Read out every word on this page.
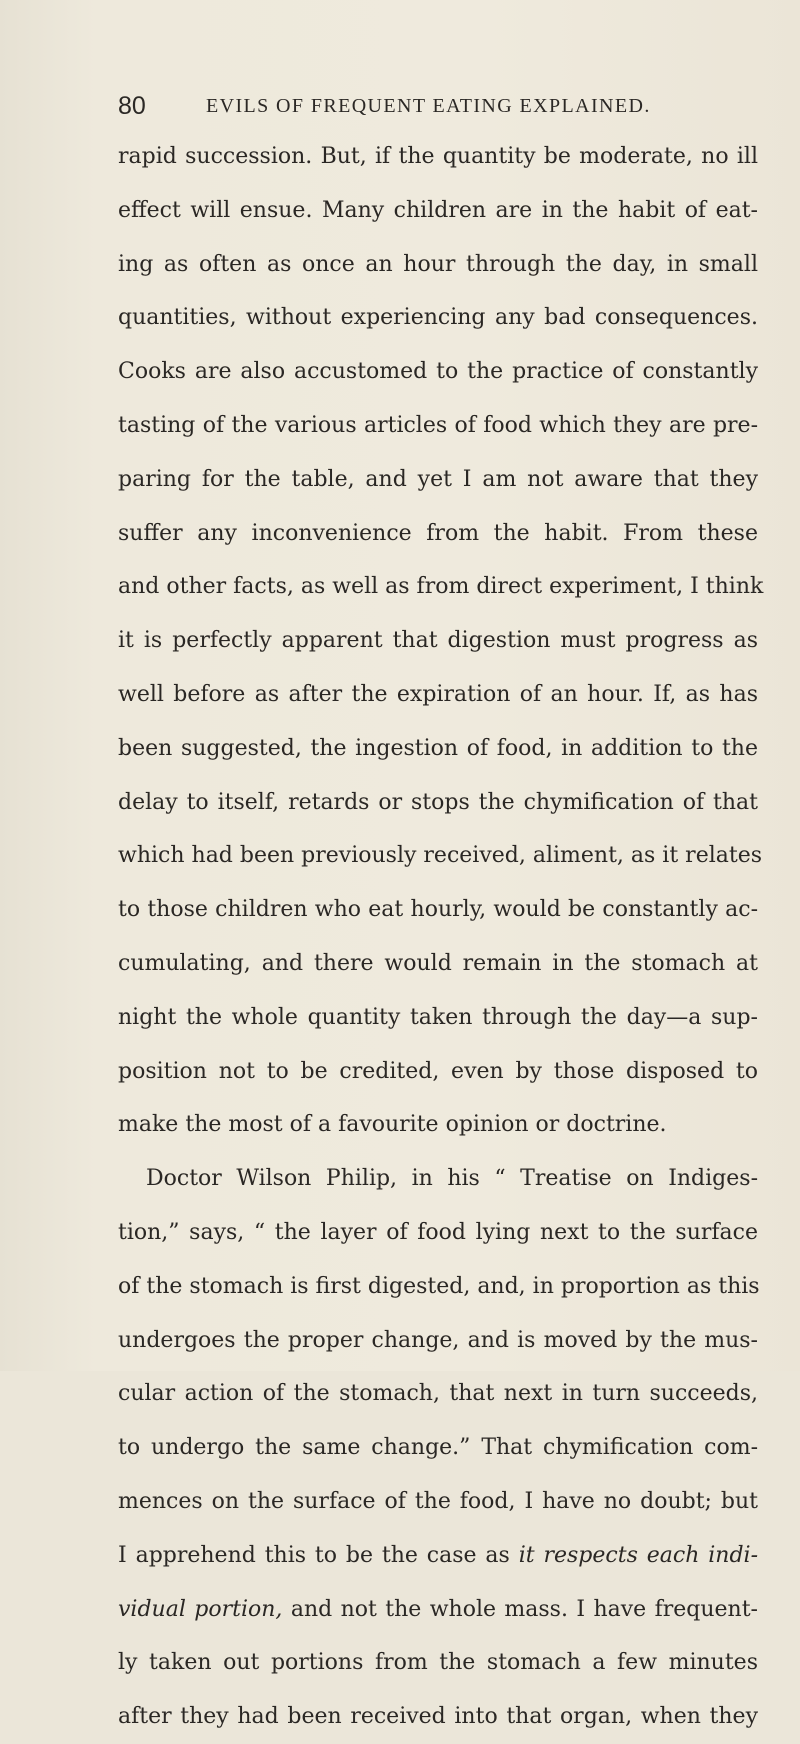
80	EVILS OF FREQUENT EATING EXPLAINED.
rapid succession. But, if the quantity be moderate, no ill
effect will ensue. Many children are in the habit of eat-
ing as often as once an hour through the day, in small
quantities, without experiencing any bad consequences.
Cooks are also accustomed to the practice of constantly
tasting of the various articles of food which they are pre-
paring for the table, and yet I am not aware that they
suffer any inconvenience from the habit. From these
and other facts, as well as from direct experiment, I think
it is perfectly apparent that digestion must progress as
well before as after the expiration of an hour. If, as has
been suggested, the ingestion of food, in addition to the
delay to itself, retards or stops the chymification of that
which had been previously received, aliment, as it relates
to those children who eat hourly, would be constantly ac-
cumulating, and there would remain in the stomach at
night the whole quantity taken through the day—a sup-
position not to be credited, even by those disposed to
make the most of a favourite opinion or doctrine.
Doctor Wilson Philip, in his “ Treatise on Indiges-
tion,” says, “ the layer of food lying next to the surface
of the stomach is first digested, and, in proportion as this
undergoes the proper change, and is moved by the mus-
cular action of the stomach, that next in turn succeeds,
to undergo the same change.” That chymification com-
mences on the surface of the food, I have no doubt; but
I apprehend this to be the case as it respects each indi-
vidual portion, and not the whole mass. I have frequent-
ly taken out portions from the stomach a few minutes
after they had been received into that organ, when they
